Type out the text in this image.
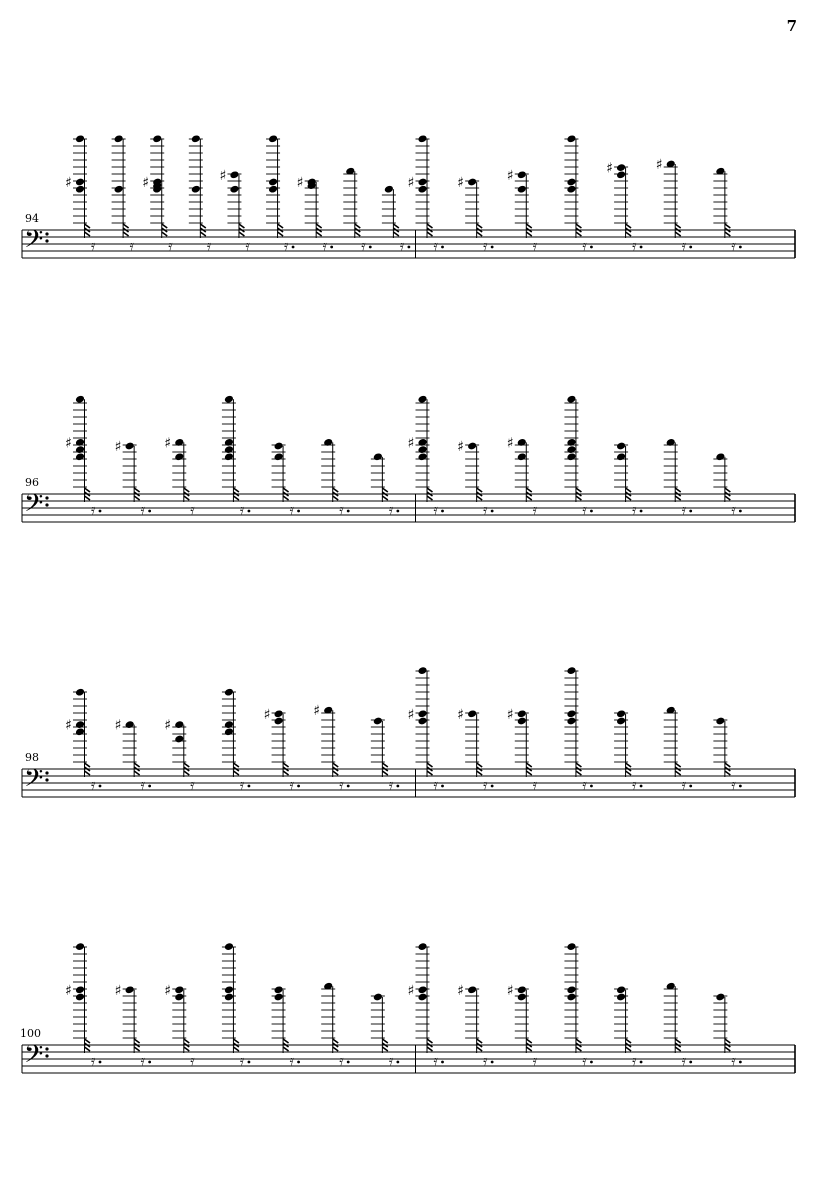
7
94
96
98
100
𝄢
♯
𝄿 𝄿
♯
𝄿 𝄿
♯
𝄿 𝄿
♯
𝄿 𝄿 𝄿
♯
𝄿
♯
𝄿
♯
𝄿	𝄿
♯
𝄿
♯
𝄿	𝄿
𝄢
♯
𝄿
♯
𝄿
♯
𝄿	𝄿	𝄿	𝄿	𝄿
♯
𝄿
♯
𝄿
♯
𝄿	𝄿	𝄿	𝄿	𝄿
𝄢
♯
𝄿
♯
𝄿
♯
𝄿	𝄿
♯
𝄿
♯
𝄿	𝄿
♯
𝄿
♯
𝄿
♯
𝄿	𝄿	𝄿	𝄿	𝄿
𝄢
♯
𝄿
♯
𝄿
♯
𝄿	𝄿	𝄿	𝄿	𝄿
♯
𝄿
♯
𝄿
♯
𝄿	𝄿	𝄿	𝄿	𝄿
